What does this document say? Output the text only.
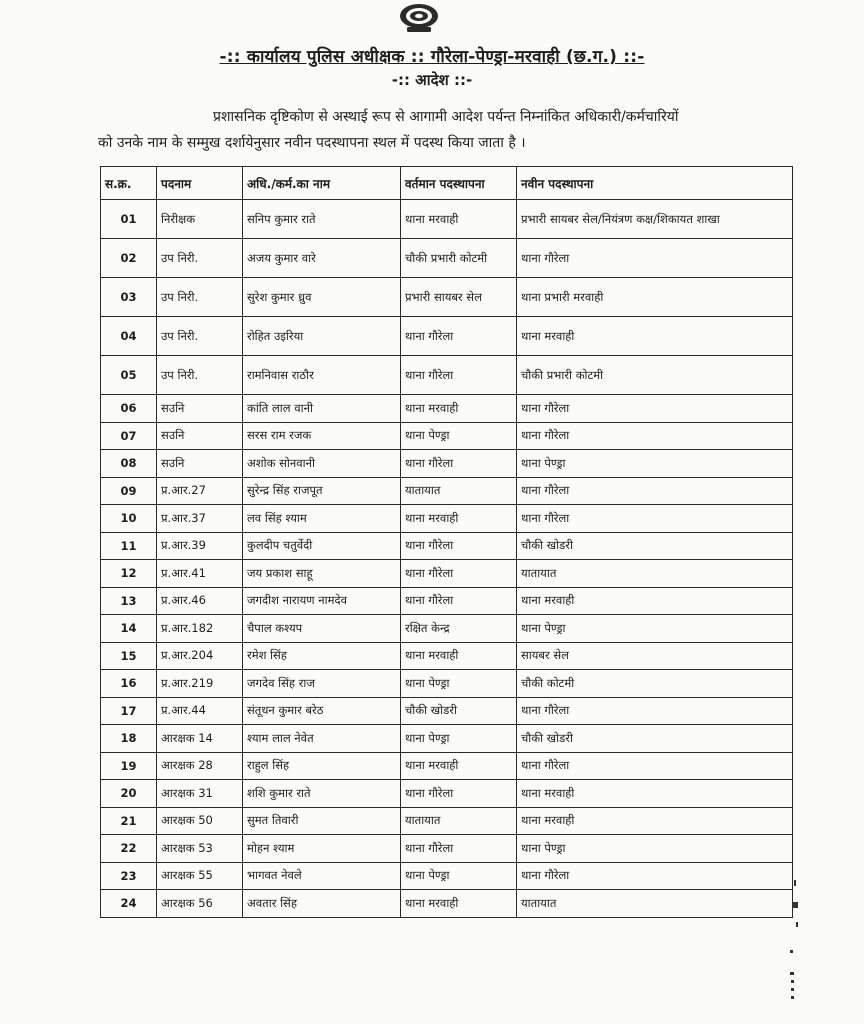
-:: कार्यालय पुलिस अधीक्षक :: गौरेला-पेण्ड्रा-मरवाही (छ.ग.) ::-
-:: आदेश ::-
प्रशासनिक दृष्टिकोण से अस्थाई रूप से आगामी आदेश पर्यन्त निम्नांकित अधिकारी/कर्मचारियों
को उनके नाम के सम्मुख दर्शायेनुसार नवीन पदस्थापना स्थल में पदस्थ किया जाता है ।
स.क्र.	पदनाम	अधि./कर्म.का नाम	वर्तमान पदस्थापना	नवीन पदस्थापना
01	निरीक्षक	सनिप कुमार राते	थाना मरवाही	प्रभारी सायबर सेल/नियंत्रण कक्ष/शिकायत शाखा
02	उप निरी.	अजय कुमार वारे	चौकी प्रभारी कोटमी	थाना गौरेला
03	उप निरी.	सुरेश कुमार ध्रुव	प्रभारी सायबर सेल	थाना प्रभारी मरवाही
04	उप निरी.	रोहित उइरिया	थाना गौरेला	थाना मरवाही
05	उप निरी.	रामनिवास राठौर	थाना गौरेला	चौकी प्रभारी कोटमी
06	सउनि	कांति लाल वानी	थाना मरवाही	थाना गौरेला
07	सउनि	सरस राम रजक	थाना पेण्ड्रा	थाना गौरेला
08	सउनि	अशोक सोनवानी	थाना गौरेला	थाना पेण्ड्रा
09	प्र.आर.27	सुरेन्द्र सिंह राजपूत	यातायात	थाना गौरेला
10	प्र.आर.37	लव सिंह श्याम	थाना मरवाही	थाना गौरेला
11	प्र.आर.39	कुलदीप चतुर्वेदी	थाना गौरेला	चौकी खोडरी
12	प्र.आर.41	जय प्रकाश साहू	थाना गौरेला	यातायात
13	प्र.आर.46	जगदीश नारायण नामदेव	थाना गौरेला	थाना मरवाही
14	प्र.आर.182	चैपाल कश्यप	रक्षित केन्द्र	थाना पेण्ड्रा
15	प्र.आर.204	रमेश सिंह	थाना मरवाही	सायबर सेल
16	प्र.आर.219	जगदेव सिंह राज	थाना पेण्ड्रा	चौकी कोटमी
17	प्र.आर.44	संतूधन कुमार बरेठ	चौकी खोडरी	थाना गौरेला
18	आरक्षक 14	श्याम लाल नेवेत	थाना पेण्ड्रा	चौकी खोडरी
19	आरक्षक 28	राहुल सिंह	थाना मरवाही	थाना गौरेला
20	आरक्षक 31	शशि कुमार राते	थाना गौरेला	थाना मरवाही
21	आरक्षक 50	सुमत तिवारी	यातायात	थाना मरवाही
22	आरक्षक 53	मोहन श्याम	थाना गौरेला	थाना पेण्ड्रा
23	आरक्षक 55	भागवत नेवले	थाना पेण्ड्रा	थाना गौरेला
24	आरक्षक 56	अवतार सिंह	थाना मरवाही	यातायात
